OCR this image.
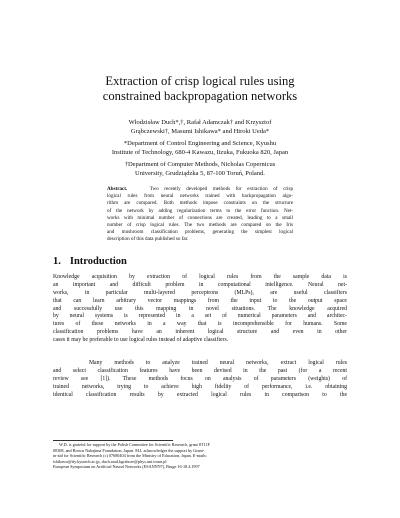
Extraction of crisp logical rules using
constrained backpropagation networks
Włodzisław Duch*,†, Rafał Adamczak† and Krzysztof
Grąbczewski†, Masumi Ishikawa* and Hiroki Ueda*
*Department of Control Engineering and Science, Kyushu
Institute of Technology, 680-4 Kawazu, Iizuka, Fukuoka 820, Japan
†Department of Computer Methods, Nicholas Copernicus
University, Grudziądzka 5, 87-100 Toruń, Poland.
Abstract.	Two recently developed methods for extraction of crisp
logical rules from neural networks trained with backpropagation algo-
rithm are compared. Both methods impose constraints on the structure
of the network by adding regularization terms to the error function. Net-
works with minimal number of connections are created, leading to a small
number of crisp logical rules. The two methods are compared on the Iris
and mushroom classification problems, generating the simplest logical
description of this data published so far.
1. Introduction
Knowledge acquisition by extraction of logical rules from the sample data is
an important and difficult problem in computational intelligence. Neural net-
works, in particular multi-layered perceptrons (MLPs), are useful classifiers
that can learn arbitrary vector mappings from the input to the output space
and successfully use this mapping in novel situations. The knowledge acquired
by neural systems is represented in a set of numerical parameters and architec-
tures of these networks in a way that is incomprehensible for humans. Some
classification problems have an inherent logical structure and even in other
cases it may be preferable to use logical rules instead of adaptive classifiers.
Many methods to analyze trained neural networks, extract logical rules
and select classification features have been devised in the past (for a recent
review see [1]). These methods focus on analysis of parameters (weights) of
trained networks, trying to achieve high fidelity of performance, i.e. obtaining
identical classification results by extracted logical rules in comparison to the
W.D. is grateful for support by the Polish Committee for Scientific Research, grant 8T11F
00308, and Brown Nakajima Foundation, Japan. M.I. acknowledges the support by Grant-
in-aid for Scientific Research (c) 07680404 from the Ministry of Education, Japan. E-mails:
ishikawa@tfy.kyutech.ac.jp, duch,raad,kgrabcze@phys.uni.torun.pl
European Symposium on Artificial Neural Networks (ESANN'97), Bruge 16-18.4.1997
